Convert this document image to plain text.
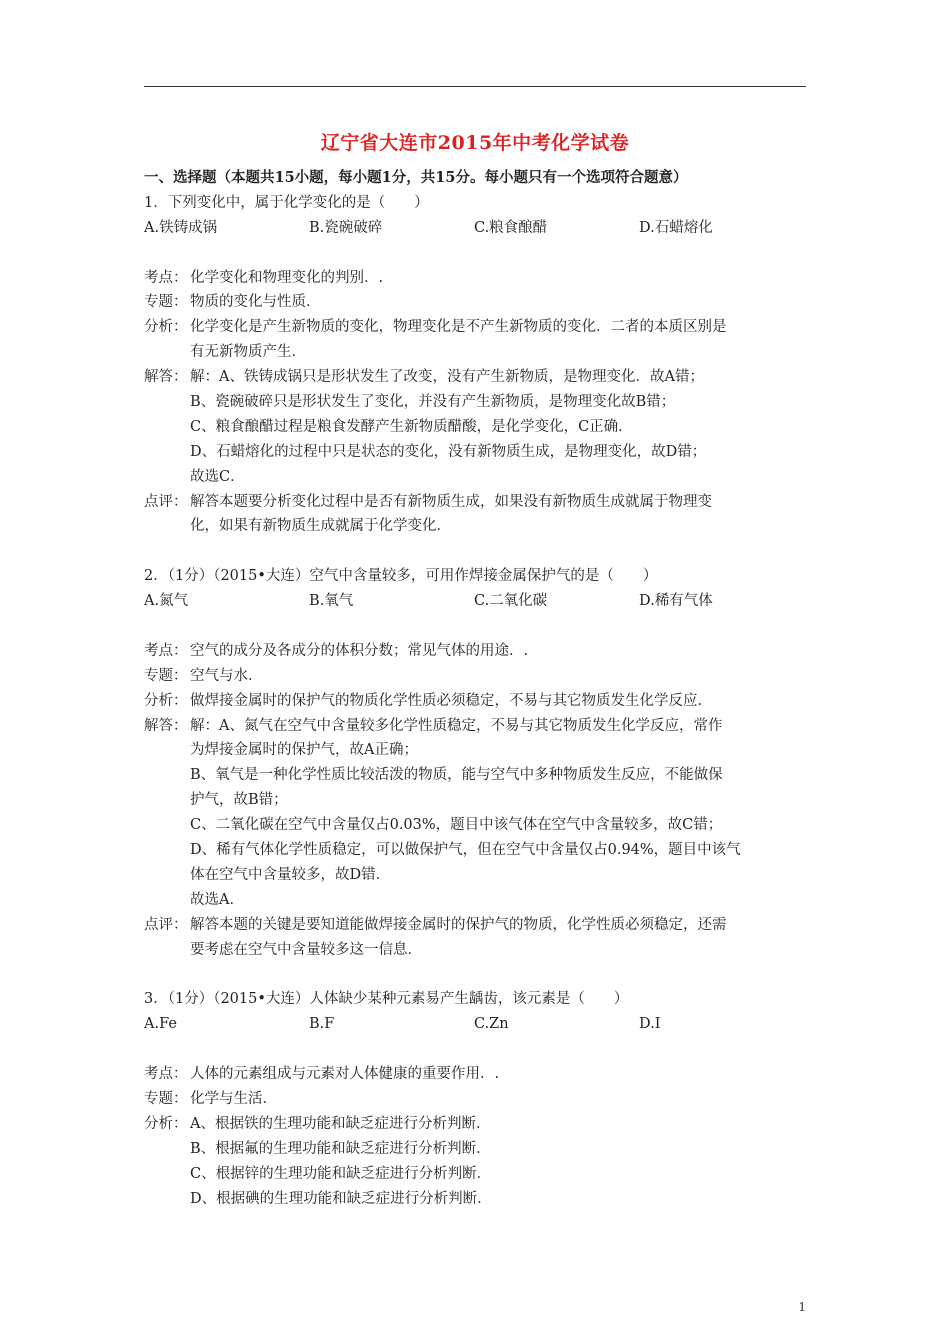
辽宁省大连市2015年中考化学试卷
一、选择题（本题共15小题，每小题1分，共15分。每小题只有一个选项符合题意）
1．下列变化中，属于化学变化的是（　　）
A.铁铸成锅	B.瓷碗破碎	C.粮食酿醋	D.石蜡熔化
考点： 化学变化和物理变化的判别．.
专题： 物质的变化与性质．
分析： 化学变化是产生新物质的变化，物理变化是不产生新物质的变化．二者的本质区别是
有无新物质产生．
解答： 解：A、铁铸成锅只是形状发生了改变，没有产生新物质，是物理变化．故A错；
B、瓷碗破碎只是形状发生了变化，并没有产生新物质，是物理变化故B错；
C、粮食酿醋过程是粮食发酵产生新物质醋酸，是化学变化，C正确．
D、石蜡熔化的过程中只是状态的变化，没有新物质生成，是物理变化，故D错；
故选C．
点评： 解答本题要分析变化过程中是否有新物质生成，如果没有新物质生成就属于物理变
化，如果有新物质生成就属于化学变化．
2．（1分）（2015•大连）空气中含量较多，可用作焊接金属保护气的是（　　）
A.氮气	B.氧气	C.二氧化碳	D.稀有气体
考点： 空气的成分及各成分的体积分数；常见气体的用途．.
专题： 空气与水．
分析： 做焊接金属时的保护气的物质化学性质必须稳定，不易与其它物质发生化学反应．
解答： 解：A、氮气在空气中含量较多化学性质稳定，不易与其它物质发生化学反应，常作
为焊接金属时的保护气，故A正确；
B、氧气是一种化学性质比较活泼的物质，能与空气中多种物质发生反应，不能做保
护气，故B错；
C、二氧化碳在空气中含量仅占0.03%，题目中该气体在空气中含量较多，故C错；
D、稀有气体化学性质稳定，可以做保护气，但在空气中含量仅占0.94%，题目中该气
体在空气中含量较多，故D错．
故选A．
点评： 解答本题的关键是要知道能做焊接金属时的保护气的物质，化学性质必须稳定，还需
要考虑在空气中含量较多这一信息．
3．（1分）（2015•大连）人体缺少某种元素易产生龋齿，该元素是（　　）
A.Fe	B.F	C.Zn	D.I
考点： 人体的元素组成与元素对人体健康的重要作用．.
专题： 化学与生活．
分析： A、根据铁的生理功能和缺乏症进行分析判断．
B、根据氟的生理功能和缺乏症进行分析判断．
C、根据锌的生理功能和缺乏症进行分析判断．
D、根据碘的生理功能和缺乏症进行分析判断．
1
